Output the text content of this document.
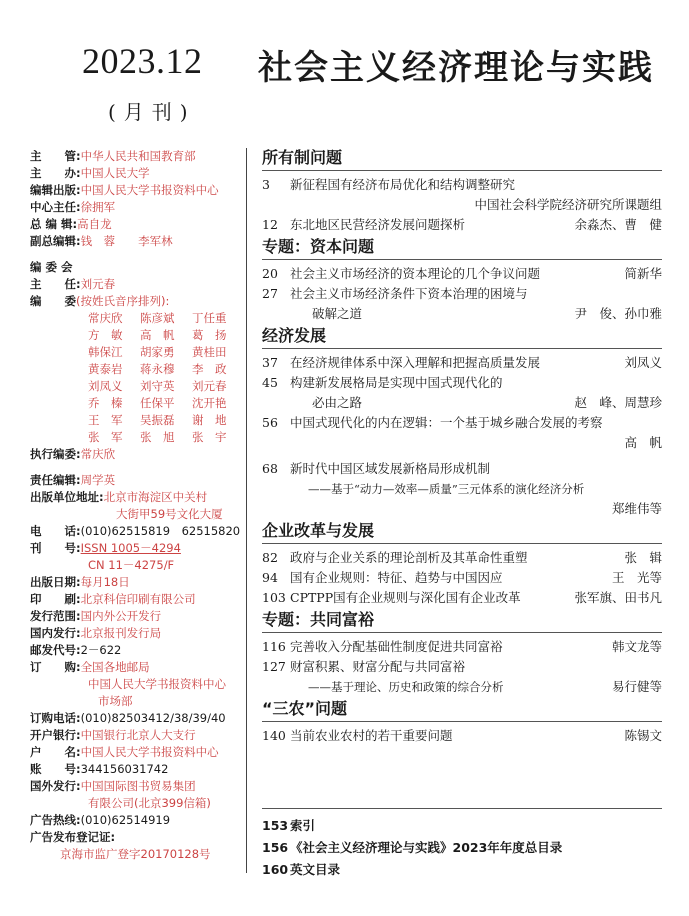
2023.12 社会主义经济理论与实践
(月刊)
主　　管:中华人民共和国教育部
主　　办:中国人民大学
编辑出版:中国人民大学书报资料中心
中心主任:徐拥军
总 编 辑:高自龙
副总编辑:钱　蓉　　李军林
编 委 会
主　　任:刘元春
编　　委(按姓氏音序排列):
常庆欣	陈彦斌	丁任重
方　敏	高　帆	葛　扬
韩保江	胡家勇	黄桂田
黄泰岩	蒋永穆	李　政
刘凤义	刘守英	刘元春
乔　榛	任保平	沈开艳
王　军	吴振磊	谢　地
张　军	张　旭	张　宇
执行编委:常庆欣
责任编辑:周学英
出版单位地址:北京市海淀区中关村
大街甲59号文化大厦
电　　话:(010)62515819　62515820
刊　　号:ISSN 1005－4294
CN 11－4275/F
出版日期:每月18日
印　　刷:北京科信印刷有限公司
发行范围:国内外公开发行
国内发行:北京报刊发行局
邮发代号:2－622
订　　购:全国各地邮局
中国人民大学书报资料中心
市场部
订购电话:(010)82503412/38/39/40
开户银行:中国银行北京人大支行
户　　名:中国人民大学书报资料中心
账　　号:344156031742
国外发行:中国国际图书贸易集团
有限公司(北京399信箱)
广告热线:(010)62514919
广告发布登记证:
京海市监广登字20170128号
所有制问题
3	新征程国有经济布局优化和结构调整研究
中国社会科学院经济研究所课题组
12 东北地区民营经济发展问题探析	余淼杰、曹　健
专题：资本问题
20 社会主义市场经济的资本理论的几个争议问题	简新华
27 社会主义市场经济条件下资本治理的困境与
破解之道	尹　俊、孙巾雅
经济发展
37 在经济规律体系中深入理解和把握高质量发展	刘凤义
45 构建新发展格局是实现中国式现代化的
必由之路	赵　峰、周慧珍
56 中国式现代化的内在逻辑：一个基于城乡融合发展的考察
高　帆
68 新时代中国区域发展新格局形成机制
——基于“动力—效率—质量”三元体系的演化经济分析
郑维伟等
企业改革与发展
82 政府与企业关系的理论剖析及其革命性重塑	张　辑
94 国有企业规则：特征、趋势与中国因应	王　光等
103 CPTPP国有企业规则与深化国有企业改革	张军旗、田书凡
专题：共同富裕
116 完善收入分配基础性制度促进共同富裕	韩文龙等
127 财富积累、财富分配与共同富裕
——基于理论、历史和政策的综合分析	易行健等
“三农”问题
140 当前农业农村的若干重要问题	陈锡文
153 索引
156 《社会主义经济理论与实践》2023年年度总目录
160 英文目录
